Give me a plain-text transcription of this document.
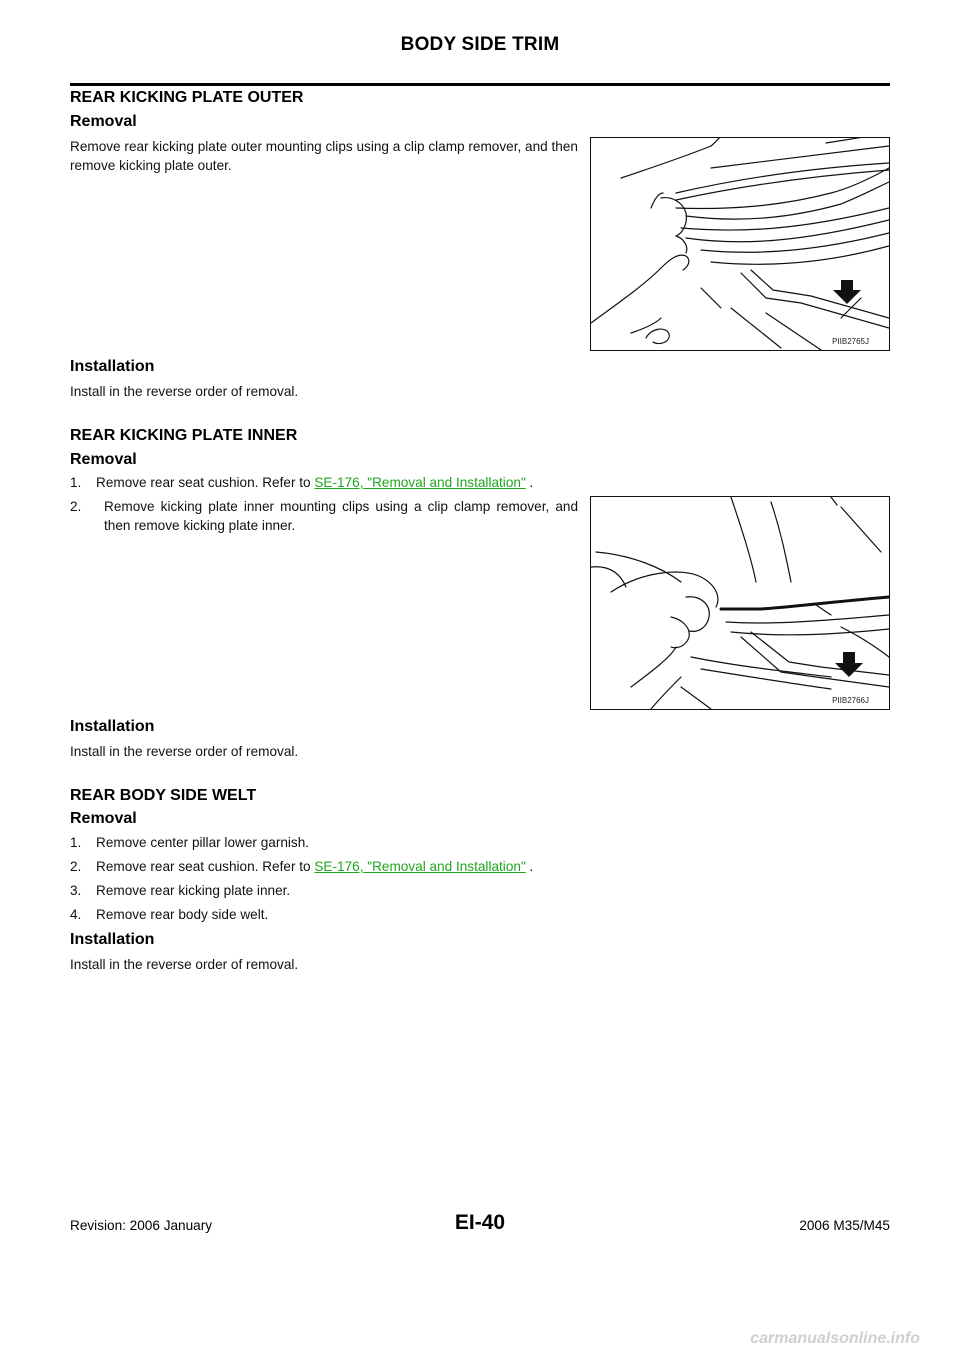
BODY SIDE TRIM
REAR KICKING PLATE OUTER
Removal
Remove rear kicking plate outer mounting clips using a clip clamp remover, and then remove kicking plate outer.
PIIB2765J
Installation
Install in the reverse order of removal.
REAR KICKING PLATE INNER
Removal
1. Remove rear seat cushion. Refer to SE-176, "Removal and Installation" .
2.	Remove kicking plate inner mounting clips using a clip clamp remover, and then remove kicking plate inner.
PIIB2766J
Installation
Install in the reverse order of removal.
REAR BODY SIDE WELT
Removal
1. Remove center pillar lower garnish.
2. Remove rear seat cushion. Refer to SE-176, "Removal and Installation" .
3. Remove rear kicking plate inner.
4. Remove rear body side welt.
Installation
Install in the reverse order of removal.
Revision: 2006 January	EI-40	2006 M35/M45
carmanualsonline.info
